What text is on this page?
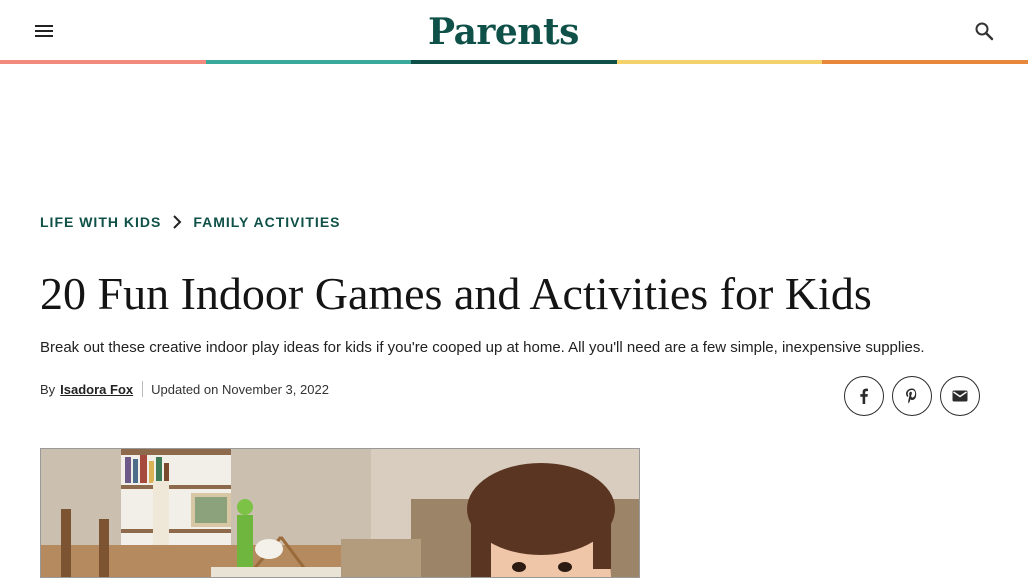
Parents
LIFE WITH KIDS FAMILY ACTIVITIES
20 Fun Indoor Games and Activities for Kids

Break out these creative indoor play ideas for kids if you're cooped up at home. All you'll need are a few simple, inexpensive supplies.

By Isadora Fox Updated on November 3, 2022
